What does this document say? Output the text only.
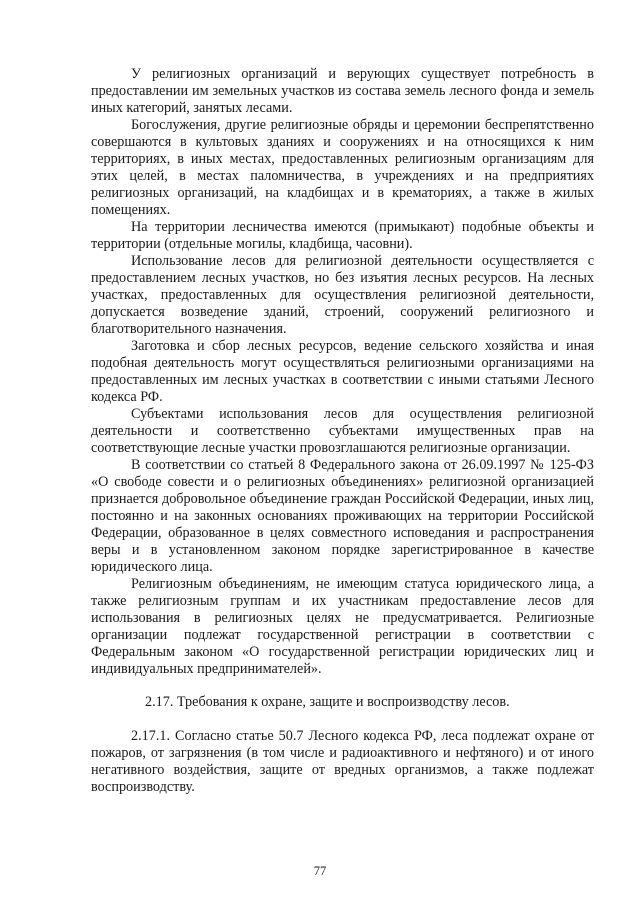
У религиозных организаций и верующих существует потребность в предоставлении им земельных участков из состава земель лесного фонда и земель иных категорий, занятых лесами.

Богослужения, другие религиозные обряды и церемонии беспрепятственно совершаются в культовых зданиях и сооружениях и на относящихся к ним территориях, в иных местах, предоставленных религиозным организациям для этих целей, в местах паломничества, в учреждениях и на предприятиях религиозных организаций, на кладбищах и в крематориях, а также в жилых помещениях.

На территории лесничества имеются (примыкают) подобные объекты и территории (отдельные могилы, кладбища, часовни).

Использование лесов для религиозной деятельности осуществляется с предоставлением лесных участков, но без изъятия лесных ресурсов. На лесных участках, предоставленных для осуществления религиозной деятельности, допускается возведение зданий, строений, сооружений религиозного и благотворительного назначения.

Заготовка и сбор лесных ресурсов, ведение сельского хозяйства и иная подобная деятельность могут осуществляться религиозными организациями на предоставленных им лесных участках в соответствии с иными статьями Лесного кодекса РФ.

Субъектами использования лесов для осуществления религиозной деятельности и соответственно субъектами имущественных прав на соответствующие лесные участки провозглашаются религиозные организации.

В соответствии со статьей 8 Федерального закона от 26.09.1997 № 125-ФЗ «О свободе совести и о религиозных объединениях» религиозной организацией признается добровольное объединение граждан Российской Федерации, иных лиц, постоянно и на законных основаниях проживающих на территории Российской Федерации, образованное в целях совместного исповедания и распространения веры и в установленном законом порядке зарегистрированное в качестве юридического лица.

Религиозным объединениям, не имеющим статуса юридического лица, а также религиозным группам и их участникам предоставление лесов для использования в религиозных целях не предусматривается. Религиозные организации подлежат государственной регистрации в соответствии с Федеральным законом «О государственной регистрации юридических лиц и индивидуальных предпринимателей».

2.17. Требования к охране, защите и воспроизводству лесов.

2.17.1. Согласно статье 50.7 Лесного кодекса РФ, леса подлежат охране от пожаров, от загрязнения (в том числе и радиоактивного и нефтяного) и от иного негативного воздействия, защите от вредных организмов, а также подлежат воспроизводству.

77
